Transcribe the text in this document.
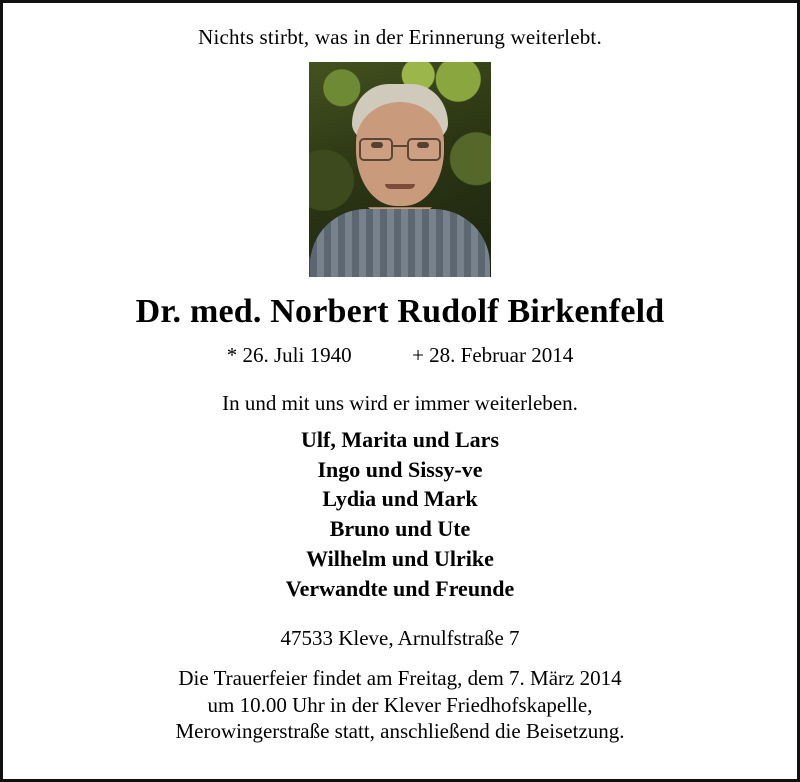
Nichts stirbt, was in der Erinnerung weiterlebt.
Dr. med. Norbert Rudolf Birkenfeld
* 26. Juli 1940	+ 28. Februar 2014
In und mit uns wird er immer weiterleben.
Ulf, Marita und Lars
Ingo und Sissy-ve
Lydia und Mark
Bruno und Ute
Wilhelm und Ulrike
Verwandte und Freunde
47533 Kleve, Arnulfstraße 7
Die Trauerfeier findet am Freitag, dem 7. März 2014
um 10.00 Uhr in der Klever Friedhofskapelle,
Merowingerstraße statt, anschließend die Beisetzung.
